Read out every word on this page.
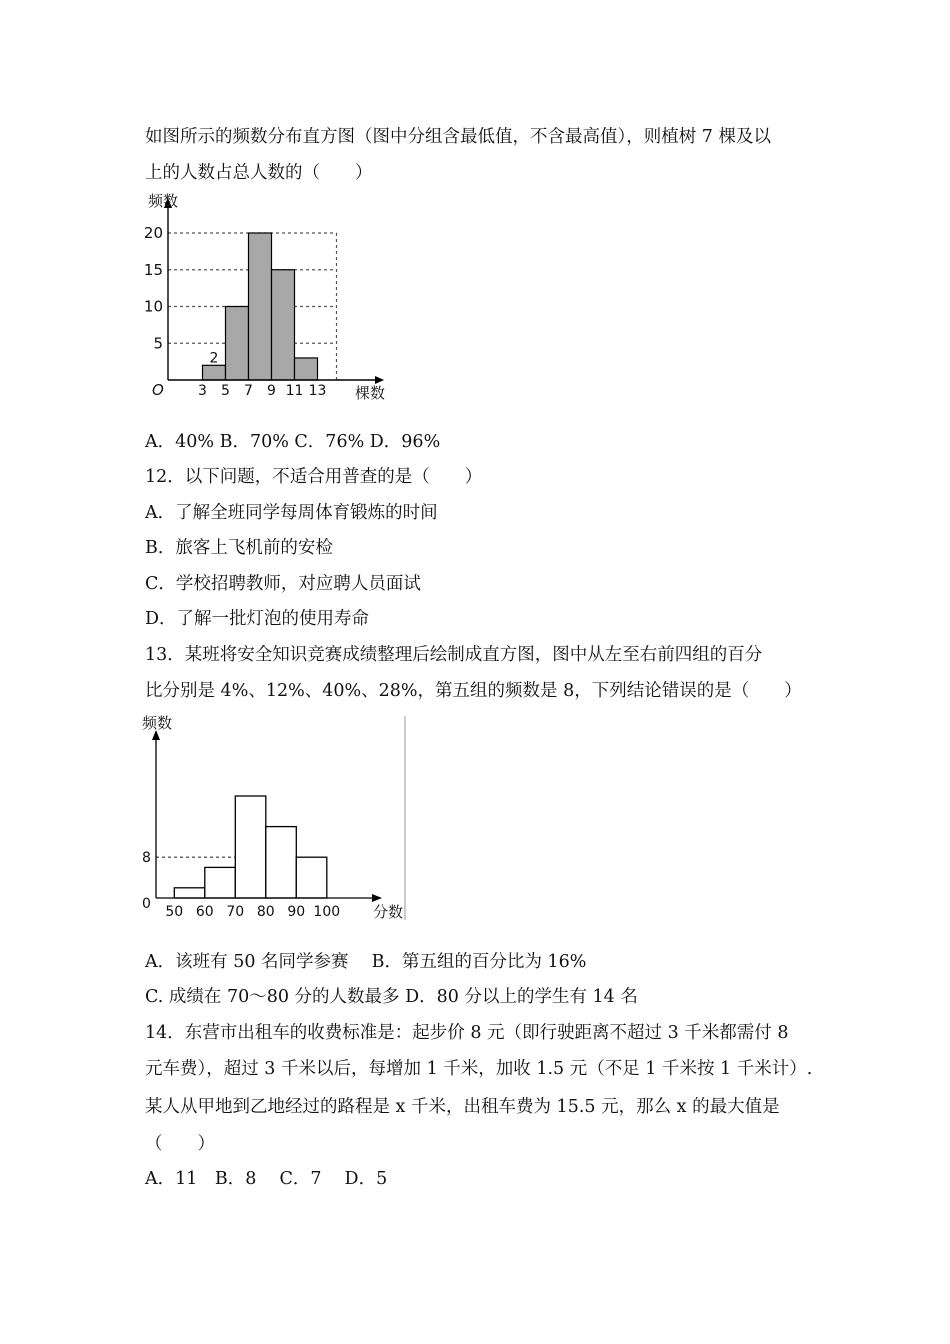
如图所示的频数分布直方图（图中分组含最低值，不含最高值），则植树 7 棵及以
上的人数占总人数的（　　）
频数
棵数
O 3 5 7 9 11 13
5
10
15
20
2
A．40% B．70% C．76% D．96%
12．以下问题，不适合用普查的是（　　）
A．了解全班同学每周体育锻炼的时间
B．旅客上飞机前的安检
C．学校招聘教师，对应聘人员面试
D．了解一批灯泡的使用寿命
13．某班将安全知识竞赛成绩整理后绘制成直方图，图中从左至右前四组的百分
比分别是 4%、12%、40%、28%，第五组的频数是 8，下列结论错误的是（　　）
频数
分数
0 50 60 70 80 90 100
8
A．该班有 50 名同学参赛　 B．第五组的百分比为 16%
C. 成绩在 70～80 分的人数最多 D．80 分以上的学生有 14 名
14．东营市出租车的收费标准是：起步价 8 元（即行驶距离不超过 3 千米都需付 8
元车费），超过 3 千米以后，每增加 1 千米，加收 1.5 元（不足 1 千米按 1 千米计）.
某人从甲地到乙地经过的路程是 x 千米，出租车费为 15.5 元，那么 x 的最大值是
（　　）
A．11　B．8　 C．7　 D．5
